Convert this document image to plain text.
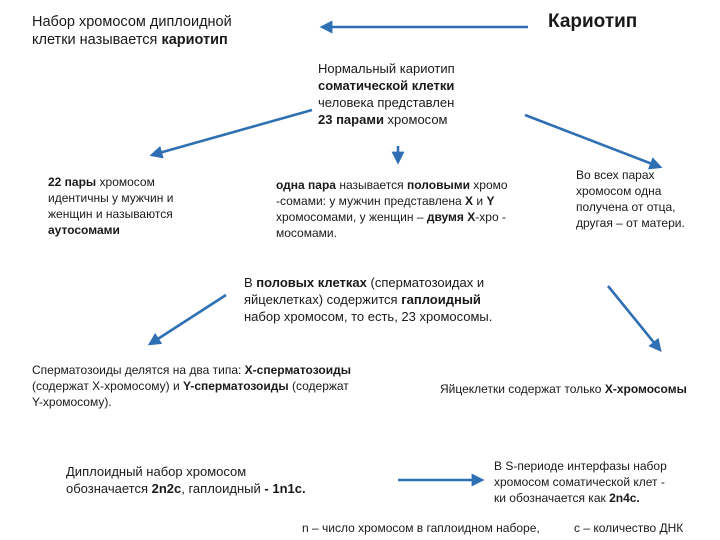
Кариотип
Набор хромосом диплоидной
клетки называется кариотип
Нормальный кариотип
соматической клетки
человека представлен
23 парами хромосом
22 пары хромосом
идентичны у мужчин и
женщин и называются
аутосомами
одна пара называется половыми хромо
-сомами: у мужчин представлена X и Y
хромосомами, у женщин – двумя X-хро -
мосомами.
Во всех парах
хромосом одна
получена от отца,
другая – от матери.
В половых клетках (сперматозоидах и
яйцеклетках) содержится гаплоидный
набор хромосом, то есть, 23 хромосомы.
Сперматозоиды делятся на два типа: X-сперматозоиды
(содержат X-хромосому) и Y-сперматозоиды (содержат
Y-хромосому).
Яйцеклетки содержат только X-хромосомы
Диплоидный набор хромосом
обозначается 2n2c, гаплоидный - 1n1c.
В S-периоде интерфазы набор
хромосом соматической клет -
ки обозначается как 2n4c.
n – число хромосом в гаплоидном наборе,	с – количество ДНК
